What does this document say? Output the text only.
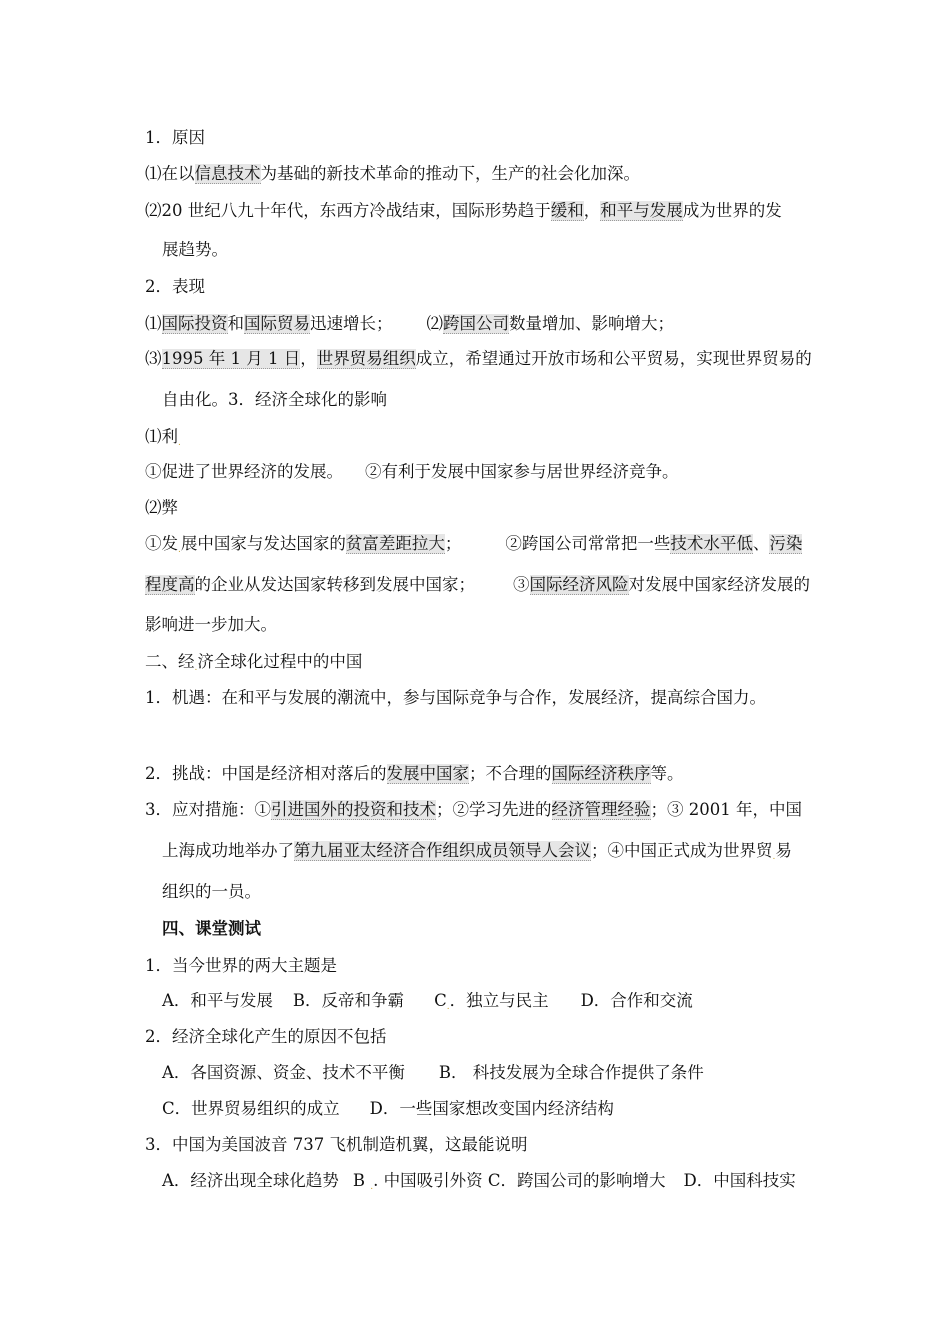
1．原因
⑴在以信息技术为基础的新技术革命的推动下，生产的社会化加深。
⑵20 世纪八九十年代，东西方冷战结束，国际形势趋于缓和，和平与发展成为世界的发
展趋势。
2．表现
⑴国际投资和国际贸易迅速增长； ⑵跨国公司数量增加、影响增大；
⑶1995 年 1 月 1 日，世界贸易组织成立，希望通过开放市场和公平贸易，实现世界贸易的
自由化。3．经济全球化的影响
⑴利.
①促进了世界经济的发展。 ②有利于发展中国家参与居世界经济竞争。
⑵弊
①发.展中国家与发达国家的贫富差距拉大；	②跨国公司常常把一些技术水平低、污染
程度高的企业从发达国家转移到发展中国家； ③国际经济风险对发展中国家经济发展的
影响进一步加大。
二、经.济全球化过程中的中国
1．机遇：在和平与发展的潮流中，参与国际竞争与合作，发展经济，提高综合国力。
2．挑战：中国是经济相对落后的发展中国家；不合理的国际经济秩序等。
3．应对措施：①引进国外的投资和技术；②学习先进的经济管理经验；③ 2001 年，中国
上海成功地举办了第九届亚太经济合作组织成员领导人会议；④中国正式成为世界贸.易
组织的一员。
四、课堂测试
1．当今世界的两大主题是
A．和平与发展 B．反帝和争霸 C.．独立与民主 D．合作和交流
2．经济全球化产生的原因不包括
A．各国资源、资金、技术不平衡 B． 科技发展为全球合作提供了条件
C．世界贸易组织的成立 D．一些国家想改变国内经济结构
3．中国为美国波音 737 飞机制造机翼，这最能说明
A．经济出现全球化趋势 B .. 中国吸引外资 C．跨国公司的影响增大 D．中国科技实
